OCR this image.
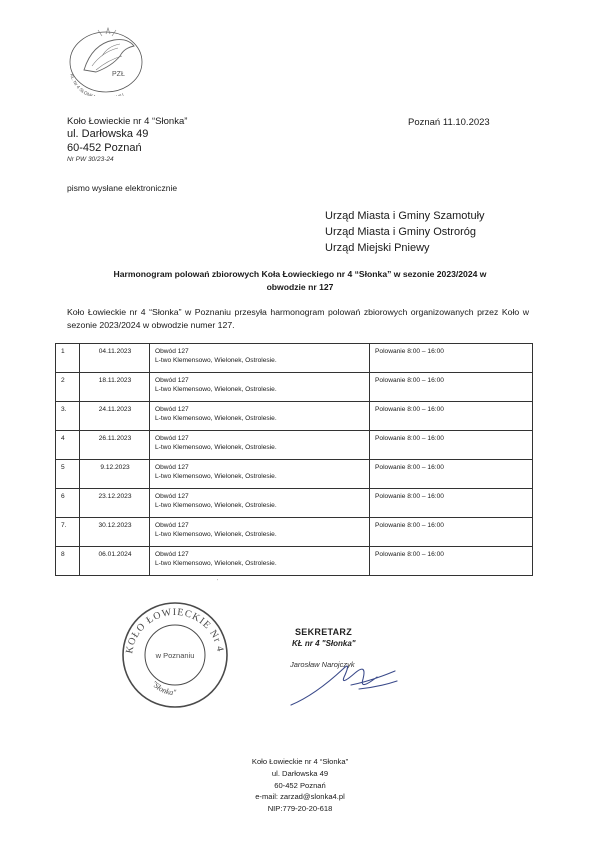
PZŁ
KŁ. Nr 4 SŁONK U
Koło Łowieckie nr 4 “Słonka”
ul. Darłowska 49
60-452 Poznań
Nr PW 30/23-24
Poznań 11.10.2023
pismo wysłane elektronicznie
Urząd Miasta i Gminy Szamotuły
Urząd Miasta i Gminy Ostroróg
Urząd Miejski Pniewy
Harmonogram polowań zbiorowych Koła Łowieckiego nr 4 “Słonka” w sezonie 2023/2024 w
obwodzie nr 127
Koło Łowieckie nr 4 “Słonka” w Poznaniu przesyła harmonogram polowań zbiorowych organizowanych przez Koło w sezonie 2023/2024 w obwodzie numer 127.
1	04.11.2023	Obwód 127
L-two Klemensowo, Wielonek, Ostrolesie.	Polowanie 8:00 – 16:00
2	18.11.2023	Obwód 127
L-two Klemensowo, Wielonek, Ostrolesie.	Polowanie 8:00 – 16:00
3.	24.11.2023	Obwód 127
L-two Klemensowo, Wielonek, Ostrolesie.	Polowanie 8:00 – 16:00
4	26.11.2023	Obwód 127
L-two Klemensowo, Wielonek, Ostrolesie.	Polowanie 8:00 – 16:00
5	9.12.2023	Obwód 127
L-two Klemensowo, Wielonek, Ostrolesie.	Polowanie 8:00 – 16:00
6	23.12.2023	Obwód 127
L-two Klemensowo, Wielonek, Ostrolesie.	Polowanie 8:00 – 16:00
7.	30.12.2023	Obwód 127
L-two Klemensowo, Wielonek, Ostrolesie.	Polowanie 8:00 – 16:00
8	06.01.2024	Obwód 127
L-two Klemensowo, Wielonek, Ostrolesie.	Polowanie 8:00 – 16:00
KOŁO ŁOWIECKIE Nr 4
w Poznaniu
"Słonka"
SEKRETARZ
KŁ nr 4 "Słonka"
Jarosław Narojczyk
‘
Koło Łowieckie nr 4 “Słonka”
ul. Darłowska 49
60-452 Poznań
e-mail: zarzad@slonka4.pl
NIP:779-20-20-618
